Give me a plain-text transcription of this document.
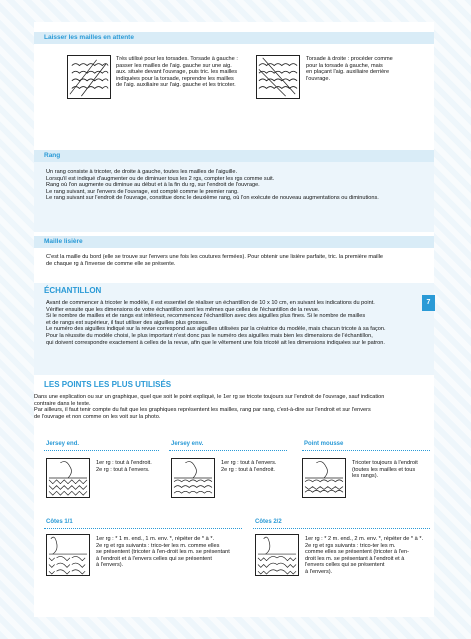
Laisser les mailles en attente

Très utilisé pour les torsades. Torsade à gauche :

passer les mailles de l'aig. gauche sur une aig.

aux. située devant l'ouvrage, puis tric. les mailles

indiquées pour la torsade, reprendre les mailles

de l'aig. auxiliaire sur l'aig. gauche et les tricoter.

Torsade à droite : procéder comme

pour la torsade à gauche, mais

en plaçant l'aig. auxiliaire derrière

l'ouvrage.

Rang

Un rang consiste à tricoter, de droite à gauche, toutes les mailles de l'aiguille.

Lorsqu'il est indiqué d'augmenter ou de diminuer tous les 2 rgs, compter les rgs comme suit.

Rang où l'on augmente ou diminue au début et à la fin du rg, sur l'endroit de l'ouvrage.

Le rang suivant, sur l'envers de l'ouvrage, est compté comme le premier rang.

Le rang suivant sur l'endroit de l'ouvrage, constitue donc le deuxième rang, où l'on exécute de nouveau augmentations ou diminutions.

Maille lisière

C'est la maille du bord (elle se trouve sur l'envers une fois les coutures fermées). Pour obtenir une lisière parfaite, tric. la première maille

de chaque rg à l'inverse de comme elle se présente.

ÉCHANTILLON

Avant de commencer à tricoter le modèle, il est essentiel de réaliser un échantillon de 10 x 10 cm, en suivant les indications du point.

Vérifier ensuite que les dimensions de votre échantillon sont les mêmes que celles de l'échantillon de la revue.

Si le nombre de mailles et de rangs est inférieur, recommencez l'échantillon avec des aiguilles plus fines. Si le nombre de mailles

et de rangs est supérieur, il faut utiliser des aiguilles plus grosses.

Le numéro des aiguilles indiqué sur la revue correspond aux aiguilles utilisées par la créatrice du modèle, mais chacun tricote à sa façon.

Pour la réussite du modèle choisi, le plus important n'est donc pas le numéro des aiguilles mais bien les dimensions de l'échantillon,

qui doivent correspondre exactement à celles de la revue, afin que le vêtement une fois tricoté ait les dimensions indiquées sur le patron.

LES POINTS LES PLUS UTILISÉS

Dans une explication ou sur un graphique, quel que soit le point expliqué, le 1er rg se tricote toujours sur l'endroit de l'ouvrage, sauf indication

contraire dans le texte.

Par ailleurs, il faut tenir compte du fait que les graphiques représentent les mailles, rang par rang, c'est-à-dire sur l'endroit et sur l'envers

de l'ouvrage et non comme on les voit sur la photo.

Jersey end.

1er rg : tout à l'endroit.

2e rg : tout à l'envers.

Jersey env.

1er rg : tout à l'envers.

2e rg : tout à l'endroit.

Point mousse

Tricoter toujours à l'endroit

(toutes les mailles et tous

les rangs).

Côtes 1/1

1er rg : * 1 m. end., 1 m. env. *, répéter de * à *.

2e rg et rgs suivants : trico-ter les m. comme elles

se présentent (tricoter à l'en-droit les m. se présentant

à l'endroit et à l'envers celles qui se présentent

à l'envers).

Côtes 2/2

1er rg : * 2 m. end., 2 m. env. *, répéter de * à *.

2e rg et rgs suivants : trico-ter les m.

comme elles se présentent (tricoter à l'en-

droit les m. se présentant à l'endroit et à

l'envers celles qui se présentent

à l'envers).

7
